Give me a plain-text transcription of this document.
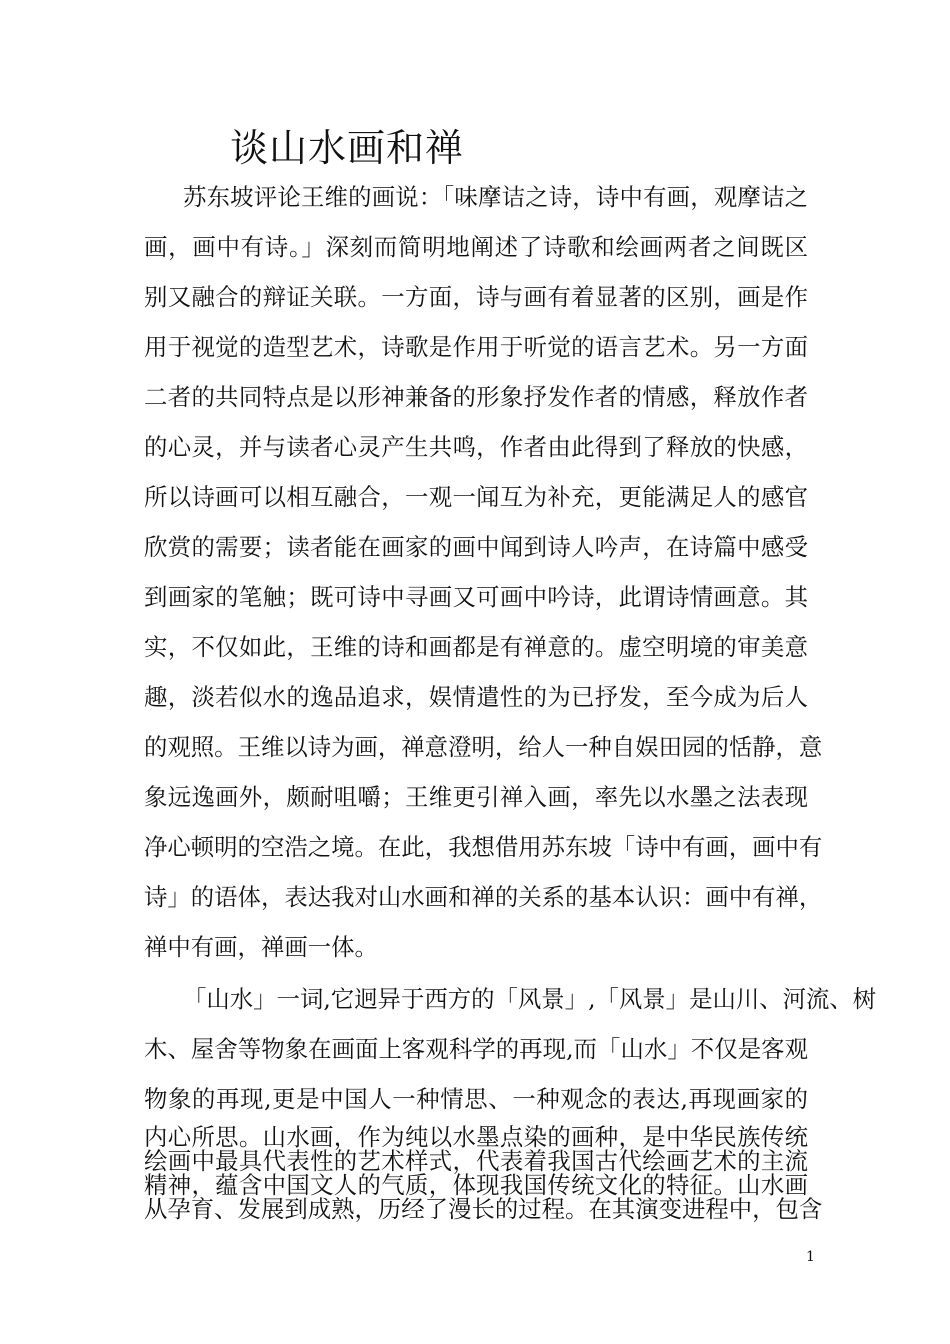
谈山水画和禅
苏东坡评论王维的画说：「味摩诘之诗，诗中有画，观摩诘之
画，画中有诗。」深刻而简明地阐述了诗歌和绘画两者之间既区
别又融合的辩证关联。一方面，诗与画有着显著的区别，画是作
用于视觉的造型艺术，诗歌是作用于听觉的语言艺术。另一方面
二者的共同特点是以形神兼备的形象抒发作者的情感，释放作者
的心灵，并与读者心灵产生共鸣，作者由此得到了释放的快感，
所以诗画可以相互融合，一观一闻互为补充，更能满足人的感官
欣赏的需要；读者能在画家的画中闻到诗人吟声，在诗篇中感受
到画家的笔触；既可诗中寻画又可画中吟诗，此谓诗情画意。其
实，不仅如此，王维的诗和画都是有禅意的。虚空明境的审美意
趣，淡若似水的逸品追求，娱情遣性的为已抒发，至今成为后人
的观照。王维以诗为画，禅意澄明，给人一种自娱田园的恬静，意
象远逸画外，颇耐咀嚼；王维更引禅入画，率先以水墨之法表现
净心顿明的空浩之境。在此，我想借用苏东坡「诗中有画，画中有
诗」的语体，表达我对山水画和禅的关系的基本认识：画中有禅，
禅中有画，禅画一体。
「山水」一词,它迥异于西方的「风景」,「风景」是山川、河流、树
木、屋舍等物象在画面上客观科学的再现,而「山水」不仅是客观
物象的再现,更是中国人一种情思、一种观念的表达,再现画家的
内心所思。山水画，作为纯以水墨点染的画种，是中华民族传统
绘画中最具代表性的艺术样式，代表着我国古代绘画艺术的主流
精神，蕴含中国文人的气质，体现我国传统文化的特征。山水画
从孕育、发展到成熟，历经了漫长的过程。在其演变进程中，包含
1
